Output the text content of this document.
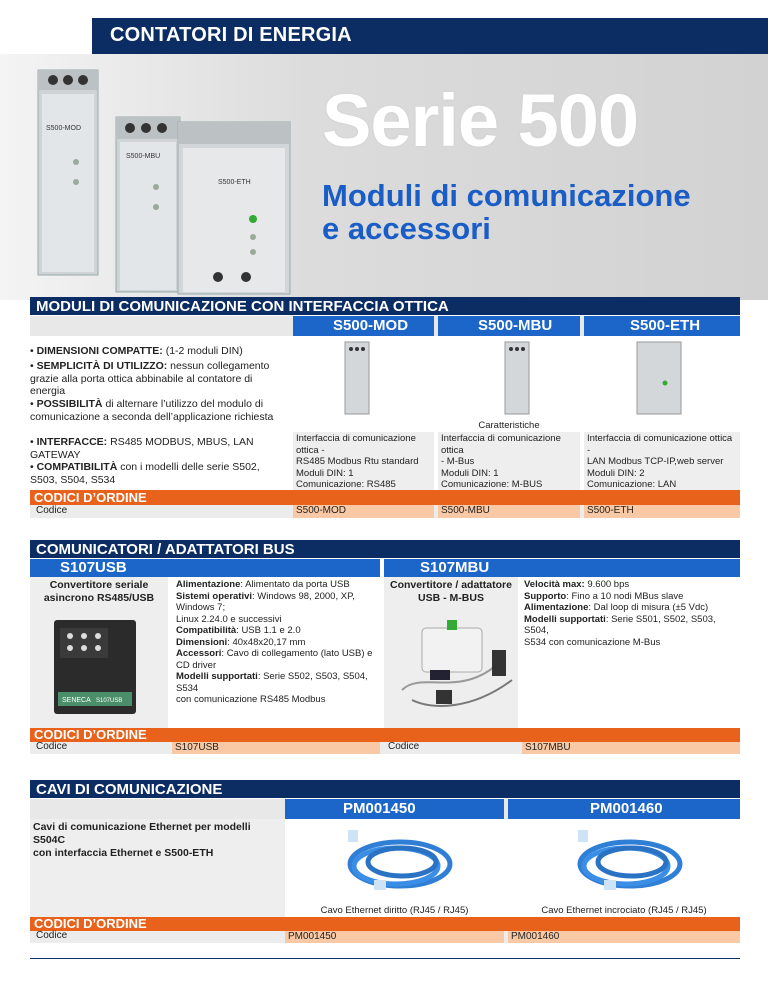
CONTATORI DI ENERGIA
S500-MOD
S500-MBU
S500-ETH
Serie 500
Moduli di comunicazione
e accessori
MODULI DI COMUNICAZIONE CON INTERFACCIA OTTICA
S500-MOD	S500-MBU	S500-ETH
• DIMENSIONI COMPATTE: (1-2 moduli DIN)
• SEMPLICITÀ DI UTILIZZO: nessun collegamento grazie alla porta ottica abbinabile al contatore di energia
• POSSIBILITÀ di alternare l’utilizzo del modulo di comunicazione a seconda dell’applicazione richiesta
• INTERFACCE: RS485 MODBUS, MBUS, LAN GATEWAY
• COMPATIBILITÀ con i modelli delle serie S502, S503, S504, S534
Caratteristiche
Interfaccia di comunicazione ottica -
RS485 Modbus Rtu standard
Moduli DIN: 1
Comunicazione: RS485
Interfaccia di comunicazione ottica
- M-Bus
Moduli DIN: 1
Comunicazione: M-BUS
Interfaccia di comunicazione ottica -
LAN Modbus TCP-IP,web server
Moduli DIN: 2
Comunicazione: LAN
CODICI D’ORDINE
Codice	S500-MOD	S500-MBU	S500-ETH
COMUNICATORI / ADATTATORI BUS
S107USB	S107MBU
Convertitore seriale
asincrono RS485/USB
SENECA S107USB
Alimentazione: Alimentato da porta USB
Sistemi operativi: Windows 98, 2000, XP, Windows 7;
Linux 2.24.0 e successivi
Compatibilità: USB 1.1 e 2.0
Dimensioni: 40x48x20,17 mm
Accessori: Cavo di collegamento (lato USB) e CD driver
Modelli supportati: Serie S502, S503, S504, S534
con comunicazione RS485 Modbus
Convertitore / adattatore
USB - M-BUS
Velocità max: 9.600 bps
Supporto: Fino a 10 nodi MBus slave
Alimentazione: Dal loop di misura (±5 Vdc)
Modelli supportati: Serie S501, S502, S503, S504,
S534 con comunicazione M-Bus
CODICI D’ORDINE
Codice	S107USB	Codice	S107MBU
CAVI DI COMUNICAZIONE
PM001450	PM001460
Cavi di comunicazione Ethernet per modelli S504C
con interfaccia Ethernet e S500-ETH
Cavo Ethernet diritto (RJ45 / RJ45)	Cavo Ethernet incrociato (RJ45 / RJ45)
CODICI D’ORDINE
Codice	PM001450	PM001460
